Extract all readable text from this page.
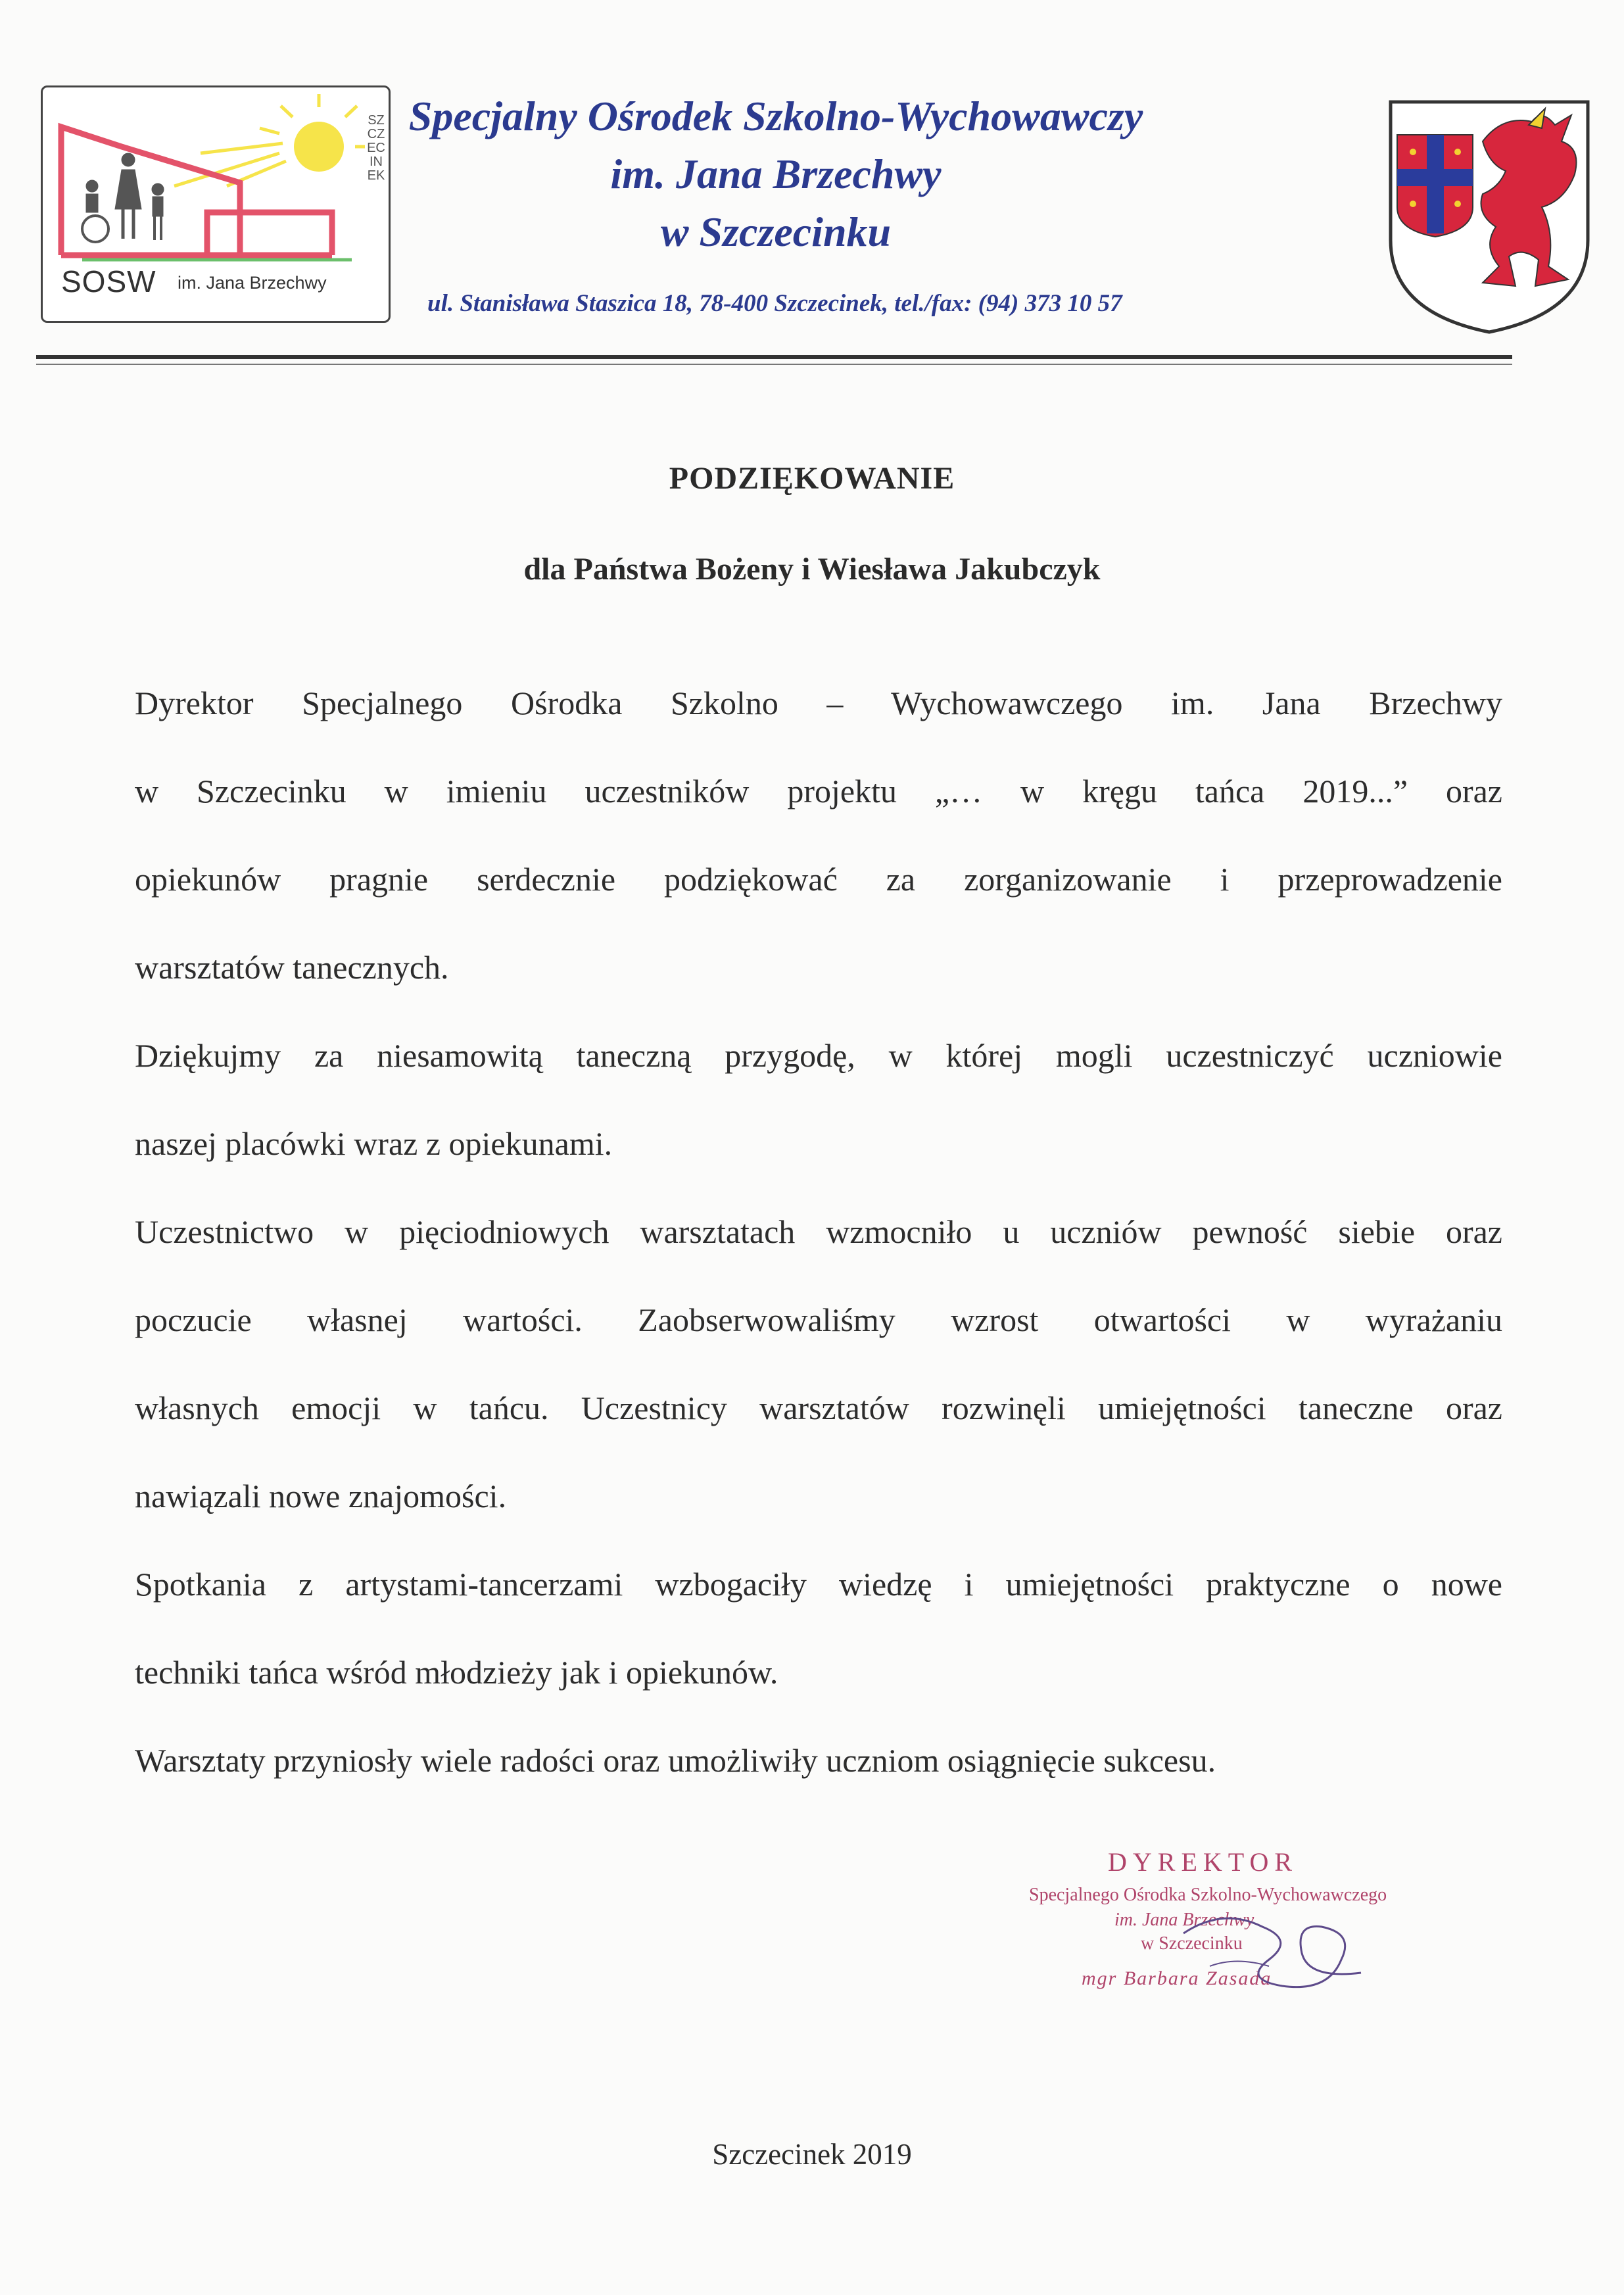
SOSW im. Jana Brzechwy
SZCZECINEK
Specjalny Ośrodek Szkolno-Wychowawczy
im. Jana Brzechwy
w Szczecinku
ul. Stanisława Staszica 18, 78-400 Szczecinek, tel./fax: (94) 373 10 57
PODZIĘKOWANIE
dla Państwa Bożeny i Wiesława Jakubczyk
Dyrektor Specjalnego Ośrodka Szkolno – Wychowawczego im. Jana Brzechwy
w Szczecinku w imieniu uczestników projektu „… w kręgu tańca 2019...” oraz
opiekunów pragnie serdecznie podziękować za zorganizowanie i przeprowadzenie
warsztatów tanecznych.
Dziękujmy za niesamowitą taneczną przygodę, w której mogli uczestniczyć uczniowie
naszej placówki wraz z opiekunami.
Uczestnictwo w pięciodniowych warsztatach wzmocniło u uczniów pewność siebie oraz
poczucie własnej wartości. Zaobserwowaliśmy wzrost otwartości w wyrażaniu
własnych emocji w tańcu. Uczestnicy warsztatów rozwinęli umiejętności taneczne oraz
nawiązali nowe znajomości.
Spotkania z artystami-tancerzami wzbogaciły wiedzę i umiejętności praktyczne o nowe
techniki tańca wśród młodzieży jak i opiekunów.
Warsztaty przyniosły wiele radości oraz umożliwiły uczniom osiągnięcie sukcesu.
DYREKTOR
Specjalnego Ośrodka Szkolno-Wychowawczego
im. Jana Brzechwy
w Szczecinku
mgr Barbara Zasada
Szczecinek 2019
